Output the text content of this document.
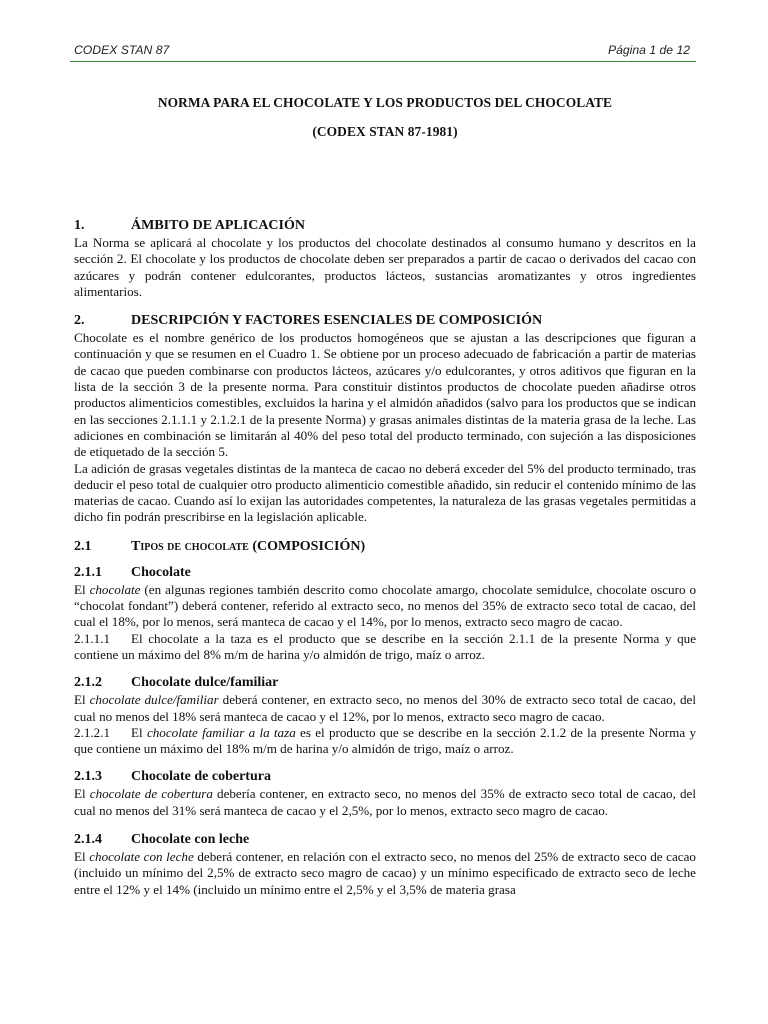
CODEX STAN 87	Página 1 de 12

NORMA PARA EL CHOCOLATE Y LOS PRODUCTOS DEL CHOCOLATE

(CODEX STAN 87-1981)

1.	ÁMBITO DE APLICACIÓN

La Norma se aplicará al chocolate y los productos del chocolate destinados al consumo humano y descritos en la sección 2. El chocolate y los productos de chocolate deben ser preparados a partir de cacao o derivados del cacao con azúcares y podrán contener edulcorantes, productos lácteos, sustancias aromatizantes y otros ingredientes alimentarios.

2.	DESCRIPCIÓN Y FACTORES ESENCIALES DE COMPOSICIÓN

Chocolate es el nombre genérico de los productos homogéneos que se ajustan a las descripciones que figuran a continuación y que se resumen en el Cuadro 1. Se obtiene por un proceso adecuado de fabricación a partir de materias de cacao que pueden combinarse con productos lácteos, azúcares y/o edulcorantes, y otros aditivos que figuran en la lista de la sección 3 de la presente norma. Para constituir distintos productos de chocolate pueden añadirse otros productos alimenticios comestibles, excluidos la harina y el almidón añadidos (salvo para los productos que se indican en las secciones 2.1.1.1 y 2.1.2.1 de la presente Norma) y grasas animales distintas de la materia grasa de la leche. Las adiciones en combinación se limitarán al 40% del peso total del producto terminado, con sujeción a las disposiciones de etiquetado de la sección 5.

La adición de grasas vegetales distintas de la manteca de cacao no deberá exceder del 5% del producto terminado, tras deducir el peso total de cualquier otro producto alimenticio comestible añadido, sin reducir el contenido mínimo de las materias de cacao. Cuando así lo exijan las autoridades competentes, la naturaleza de las grasas vegetales permitidas a dicho fin podrán prescribirse en la legislación aplicable.

2.1	Tipos de chocolate (COMPOSICIÓN)
2.1.1	Chocolate

El chocolate (en algunas regiones también descrito como chocolate amargo, chocolate semidulce, chocolate oscuro o “chocolat fondant”) deberá contener, referido al extracto seco, no menos del 35% de extracto seco total de cacao, del cual el 18%, por lo menos, será manteca de cacao y el 14%, por lo menos, extracto seco magro de cacao.

2.1.1.1 El chocolate a la taza es el producto que se describe en la sección 2.1.1 de la presente Norma y que contiene un máximo del 8% m/m de harina y/o almidón de trigo, maíz o arroz.

2.1.2	Chocolate dulce/familiar

El chocolate dulce/familiar deberá contener, en extracto seco, no menos del 30% de extracto seco total de cacao, del cual no menos del 18% será manteca de cacao y el 12%, por lo menos, extracto seco magro de cacao.

2.1.2.1 El chocolate familiar a la taza es el producto que se describe en la sección 2.1.2 de la presente Norma y que contiene un máximo del 18% m/m de harina y/o almidón de trigo, maíz o arroz.

2.1.3	Chocolate de cobertura

El chocolate de cobertura debería contener, en extracto seco, no menos del 35% de extracto seco total de cacao, del cual no menos del 31% será manteca de cacao y el 2,5%, por lo menos, extracto seco magro de cacao.

2.1.4	Chocolate con leche

El chocolate con leche deberá contener, en relación con el extracto seco, no menos del 25% de extracto seco de cacao (incluido un mínimo del 2,5% de extracto seco magro de cacao) y un mínimo especificado de extracto seco de leche entre el 12% y el 14% (incluido un mínimo entre el 2,5% y el 3,5% de materia grasa
